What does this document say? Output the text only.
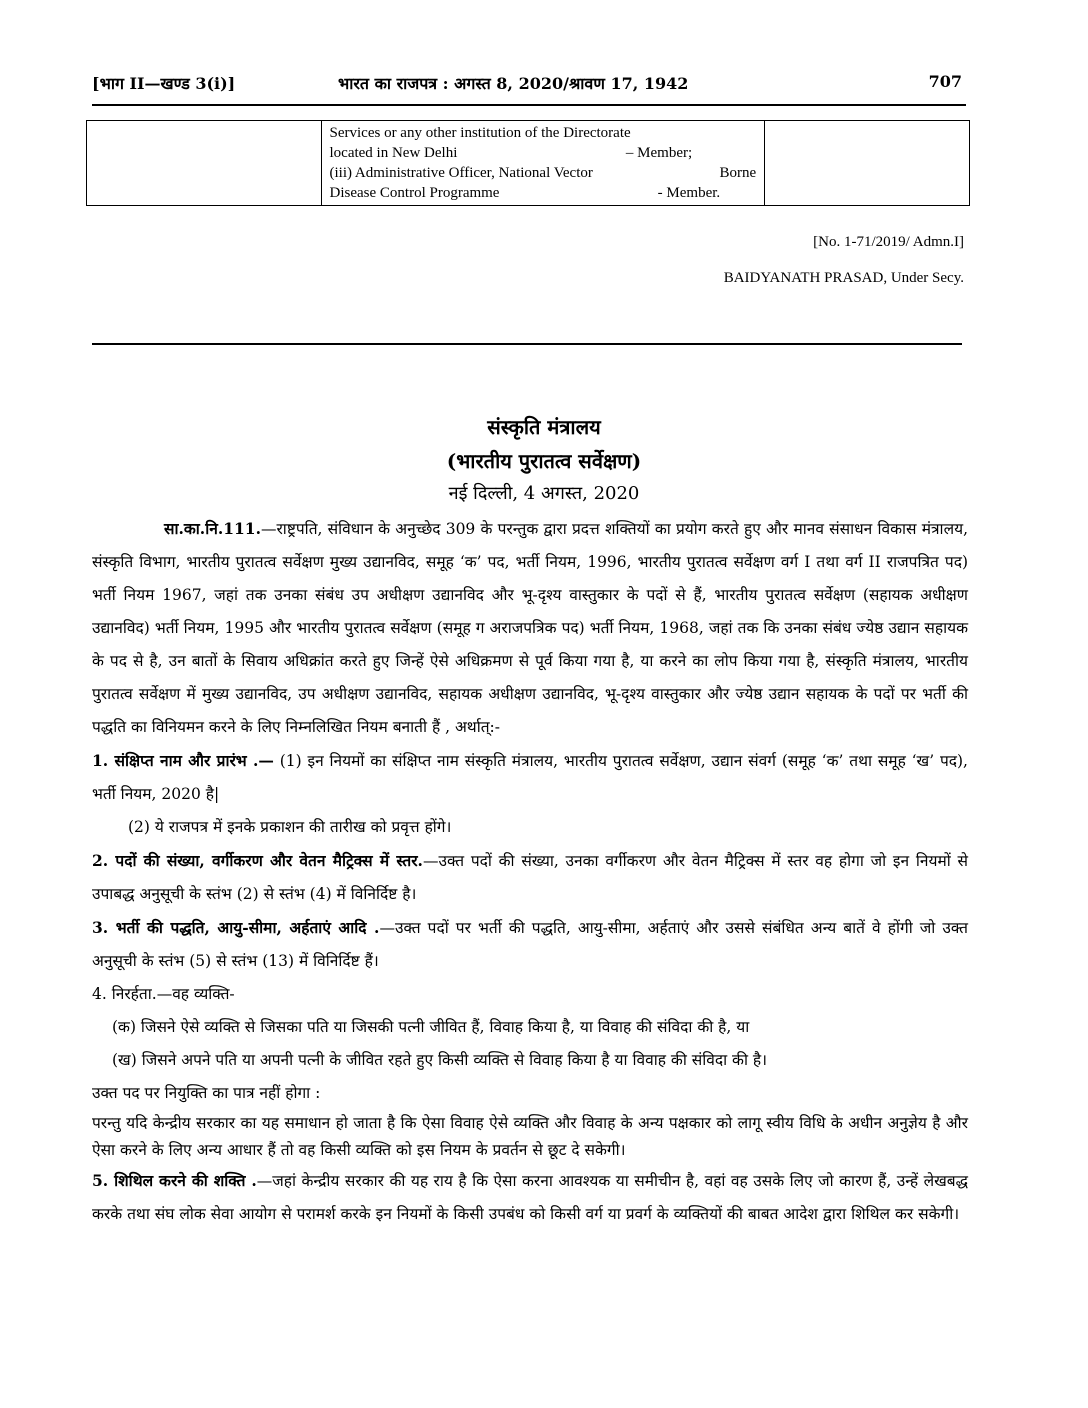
[भाग II—खण्ड 3(i)]	भारत का राजपत्र : अगस्त 8, 2020/श्रावण 17, 1942	707

Services or any other institution of the Directorate
located in New Delhi	– Member;
(iii) Administrative Officer, National Vector	Borne
Disease Control Programme	- Member.

[No. 1-71/2019/ Admn.I]
BAIDYANATH PRASAD, Under Secy.
संस्कृति मंत्रालय
(भारतीय पुरातत्व सर्वेक्षण)
नई दिल्ली, 4 अगस्त, 2020

सा.का.नि.111.—राष्ट्रपति, संविधान के अनुच्छेद 309 के परन्तुक द्वारा प्रदत्त शक्तियों का प्रयोग करते हुए और मानव संसाधन विकास मंत्रालय, संस्कृति विभाग, भारतीय पुरातत्व सर्वेक्षण मुख्य उद्यानविद, समूह ‘क’ पद, भर्ती नियम, 1996, भारतीय पुरातत्व सर्वेक्षण वर्ग I तथा वर्ग II राजपत्रित पद) भर्ती नियम 1967, जहां तक उनका संबंध उप अधीक्षण उद्यानविद और भू-दृश्य वास्तुकार के पदों से हैं, भारतीय पुरातत्व सर्वेक्षण (सहायक अधीक्षण उद्यानविद) भर्ती नियम, 1995 और भारतीय पुरातत्व सर्वेक्षण (समूह ग अराजपत्रिक पद) भर्ती नियम, 1968, जहां तक कि उनका संबंध ज्येष्ठ उद्यान सहायक के पद से है, उन बातों के सिवाय अधिक्रांत करते हुए जिन्हें ऐसे अधिक्रमण से पूर्व किया गया है, या करने का लोप किया गया है, संस्कृति मंत्रालय, भारतीय पुरातत्व सर्वेक्षण में मुख्य उद्यानविद, उप अधीक्षण उद्यानविद, सहायक अधीक्षण उद्यानविद, भू-दृश्य वास्तुकार और ज्येष्ठ उद्यान सहायक के पदों पर भर्ती की पद्धति का विनियमन करने के लिए निम्नलिखित नियम बनाती हैं , अर्थात्:-

1. संक्षिप्त नाम और प्रारंभ .— (1) इन नियमों का संक्षिप्त नाम संस्कृति मंत्रालय, भारतीय पुरातत्व सर्वेक्षण, उद्यान संवर्ग (समूह ‘क’ तथा समूह ‘ख’ पद), भर्ती नियम, 2020 है|

(2) ये राजपत्र में इनके प्रकाशन की तारीख को प्रवृत्त होंगे।

2. पदों की संख्या, वर्गीकरण और वेतन मैट्रिक्स में स्तर.—उक्त पदों की संख्या, उनका वर्गीकरण और वेतन मैट्रिक्स में स्तर वह होगा जो इन नियमों से उपाबद्ध अनुसूची के स्तंभ (2) से स्तंभ (4) में विनिर्दिष्ट है।

3. भर्ती की पद्धति, आयु-सीमा, अर्हताएं आदि .—उक्त पदों पर भर्ती की पद्धति, आयु-सीमा, अर्हताएं और उससे संबंधित अन्य बातें वे होंगी जो उक्त अनुसूची के स्तंभ (5) से स्तंभ (13) में विनिर्दिष्ट हैं।

4. निरर्हता.—वह व्यक्ति-

(क) जिसने ऐसे व्यक्ति से जिसका पति या जिसकी पत्नी जीवित हैं, विवाह किया है, या विवाह की संविदा की है, या

(ख) जिसने अपने पति या अपनी पत्नी के जीवित रहते हुए किसी व्यक्ति से विवाह किया है या विवाह की संविदा की है।

उक्त पद पर नियुक्ति का पात्र नहीं होगा :

परन्तु यदि केन्द्रीय सरकार का यह समाधान हो जाता है कि ऐसा विवाह ऐसे व्यक्ति और विवाह के अन्य पक्षकार को लागू स्वीय विधि के अधीन अनुज्ञेय है और ऐसा करने के लिए अन्य आधार हैं तो वह किसी व्यक्ति को इस नियम के प्रवर्तन से छूट दे सकेगी।

5. शिथिल करने की शक्ति .—जहां केन्द्रीय सरकार की यह राय है कि ऐसा करना आवश्यक या समीचीन है, वहां वह उसके लिए जो कारण हैं, उन्हें लेखबद्ध करके तथा संघ लोक सेवा आयोग से परामर्श करके इन नियमों के किसी उपबंध को किसी वर्ग या प्रवर्ग के व्यक्तियों की बाबत आदेश द्वारा शिथिल कर सकेगी।
